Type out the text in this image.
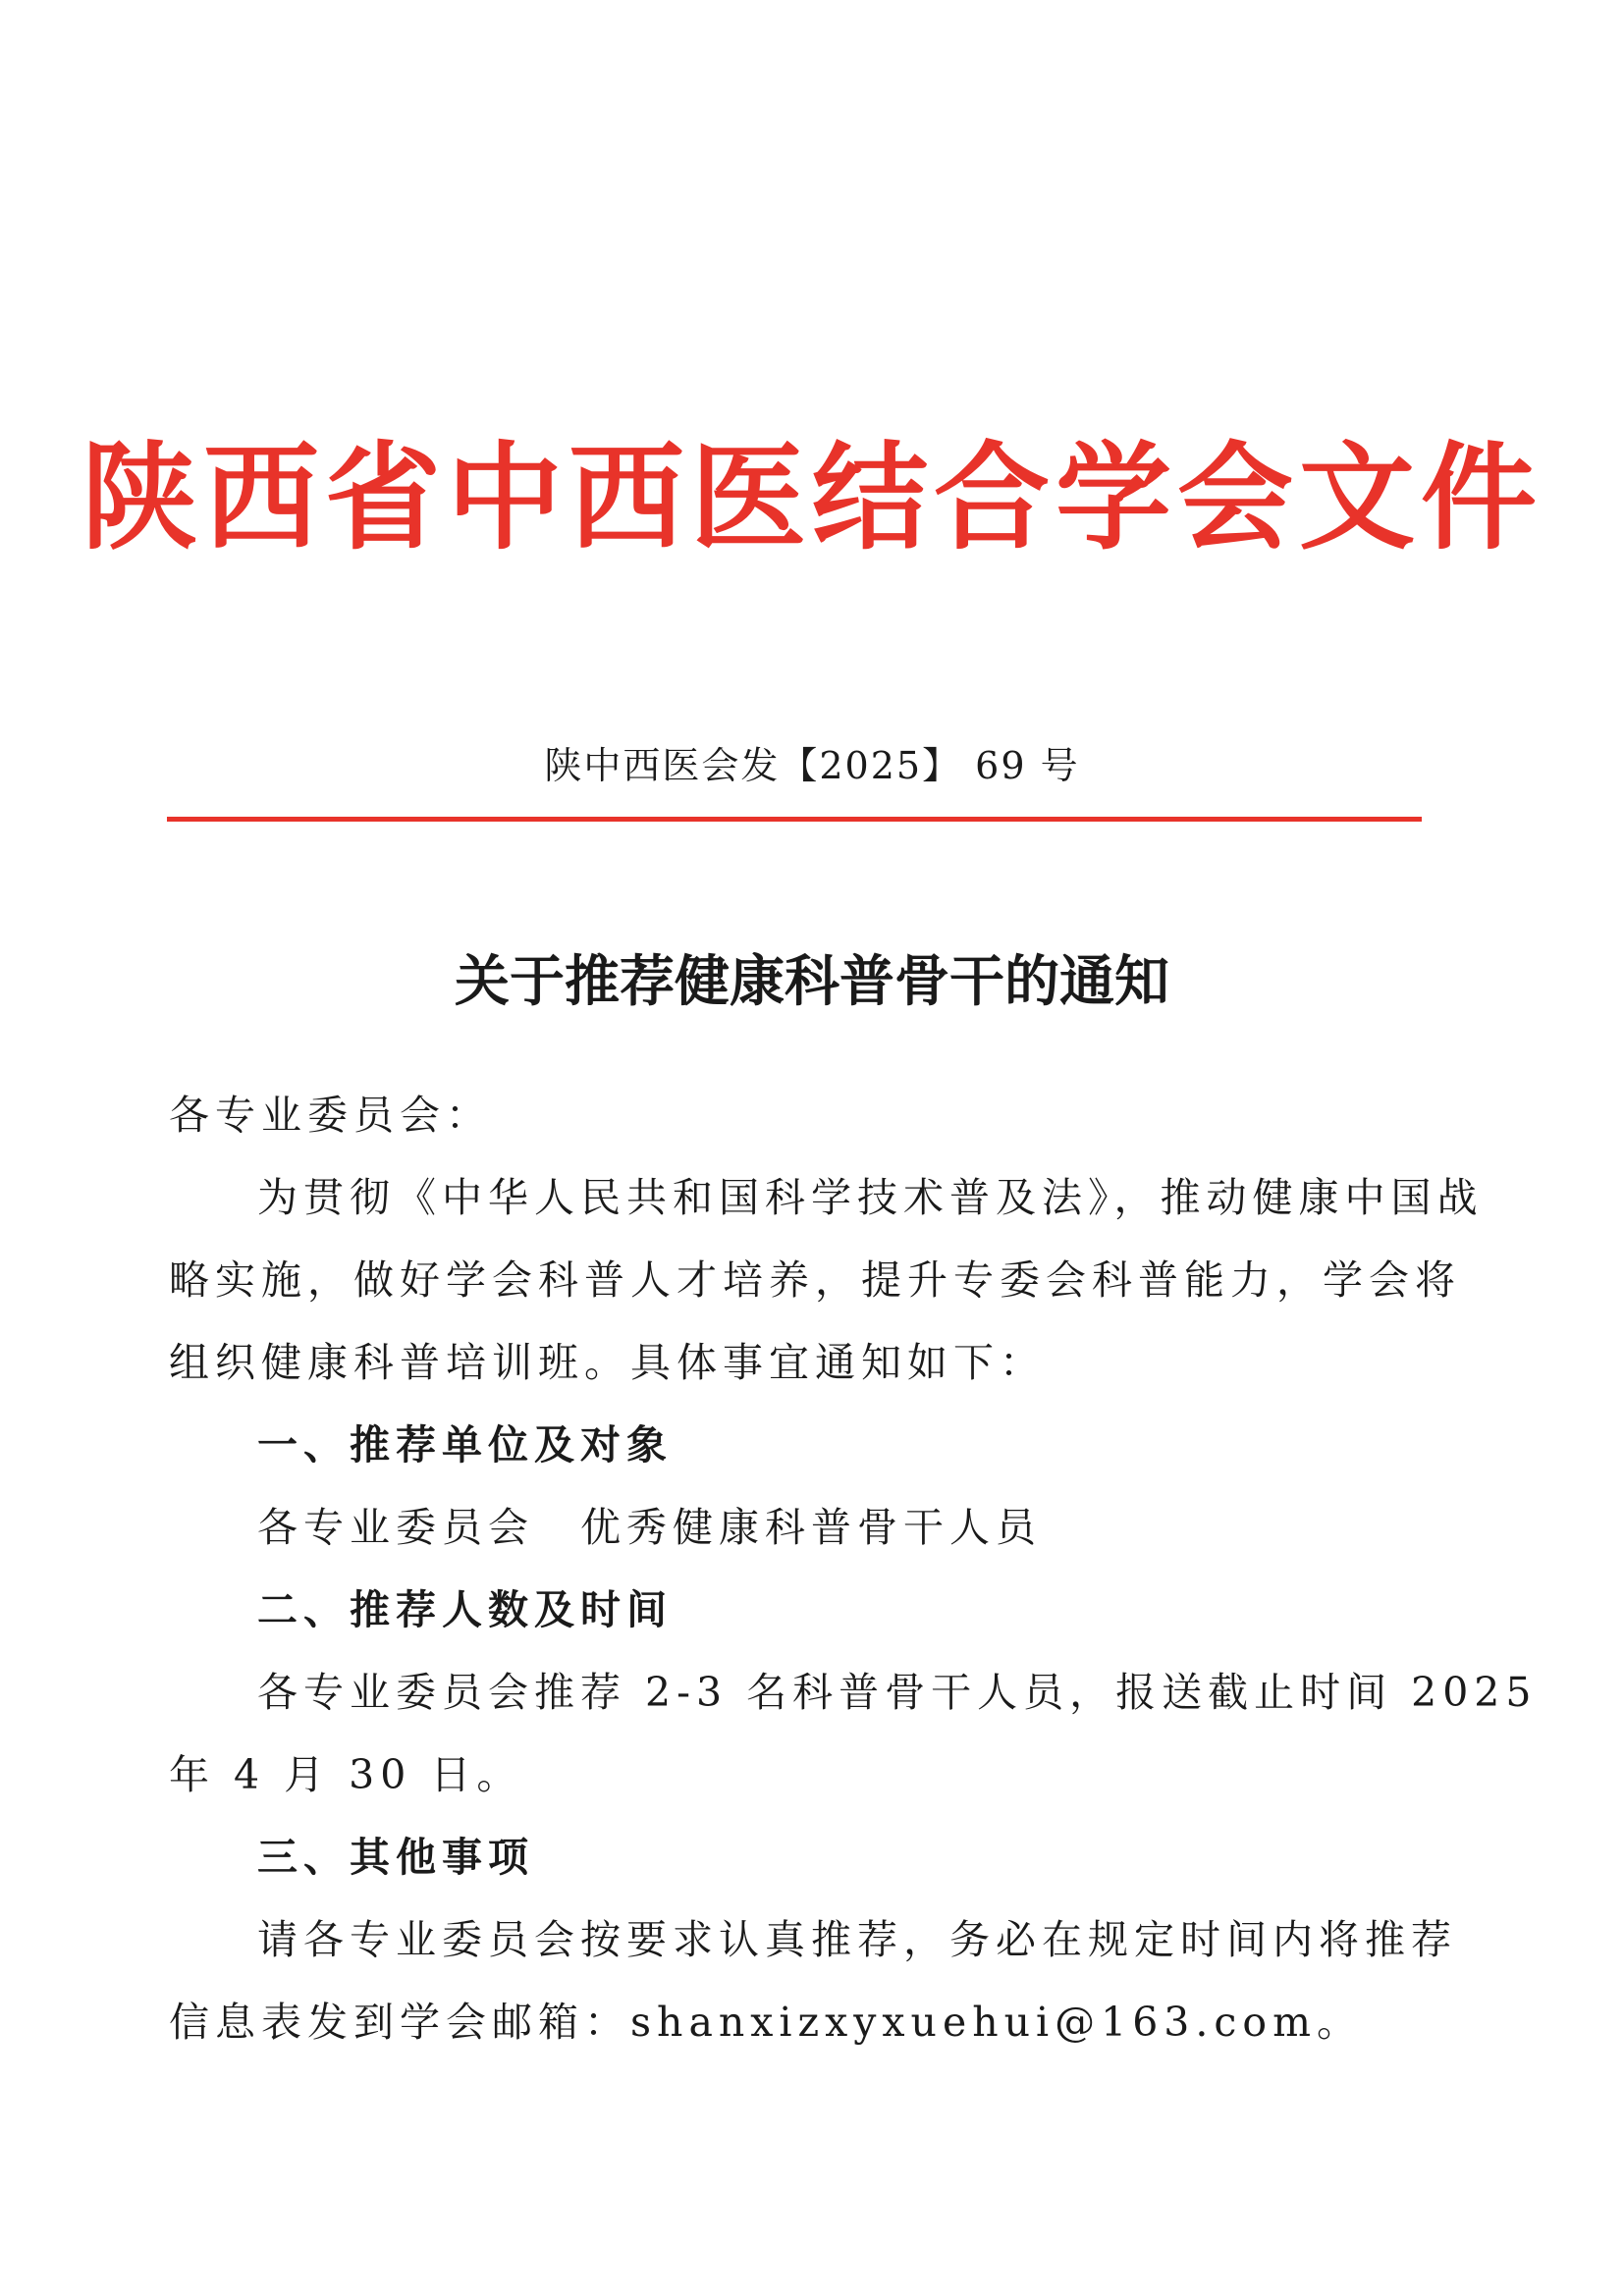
陕西省中西医结合学会文件
陕中西医会发【2025】 69 号
关于推荐健康科普骨干的通知
各专业委员会：
为贯彻《中华人民共和国科学技术普及法》，推动健康中国战
略实施，做好学会科普人才培养，提升专委会科普能力，学会将
组织健康科普培训班。具体事宜通知如下：
一、推荐单位及对象
各专业委员会　优秀健康科普骨干人员
二、推荐人数及时间
各专业委员会推荐 2-3 名科普骨干人员，报送截止时间 2025
年 4 月 30 日。
三、其他事项
请各专业委员会按要求认真推荐，务必在规定时间内将推荐
信息表发到学会邮箱：shanxizxyxuehui@163.com。
